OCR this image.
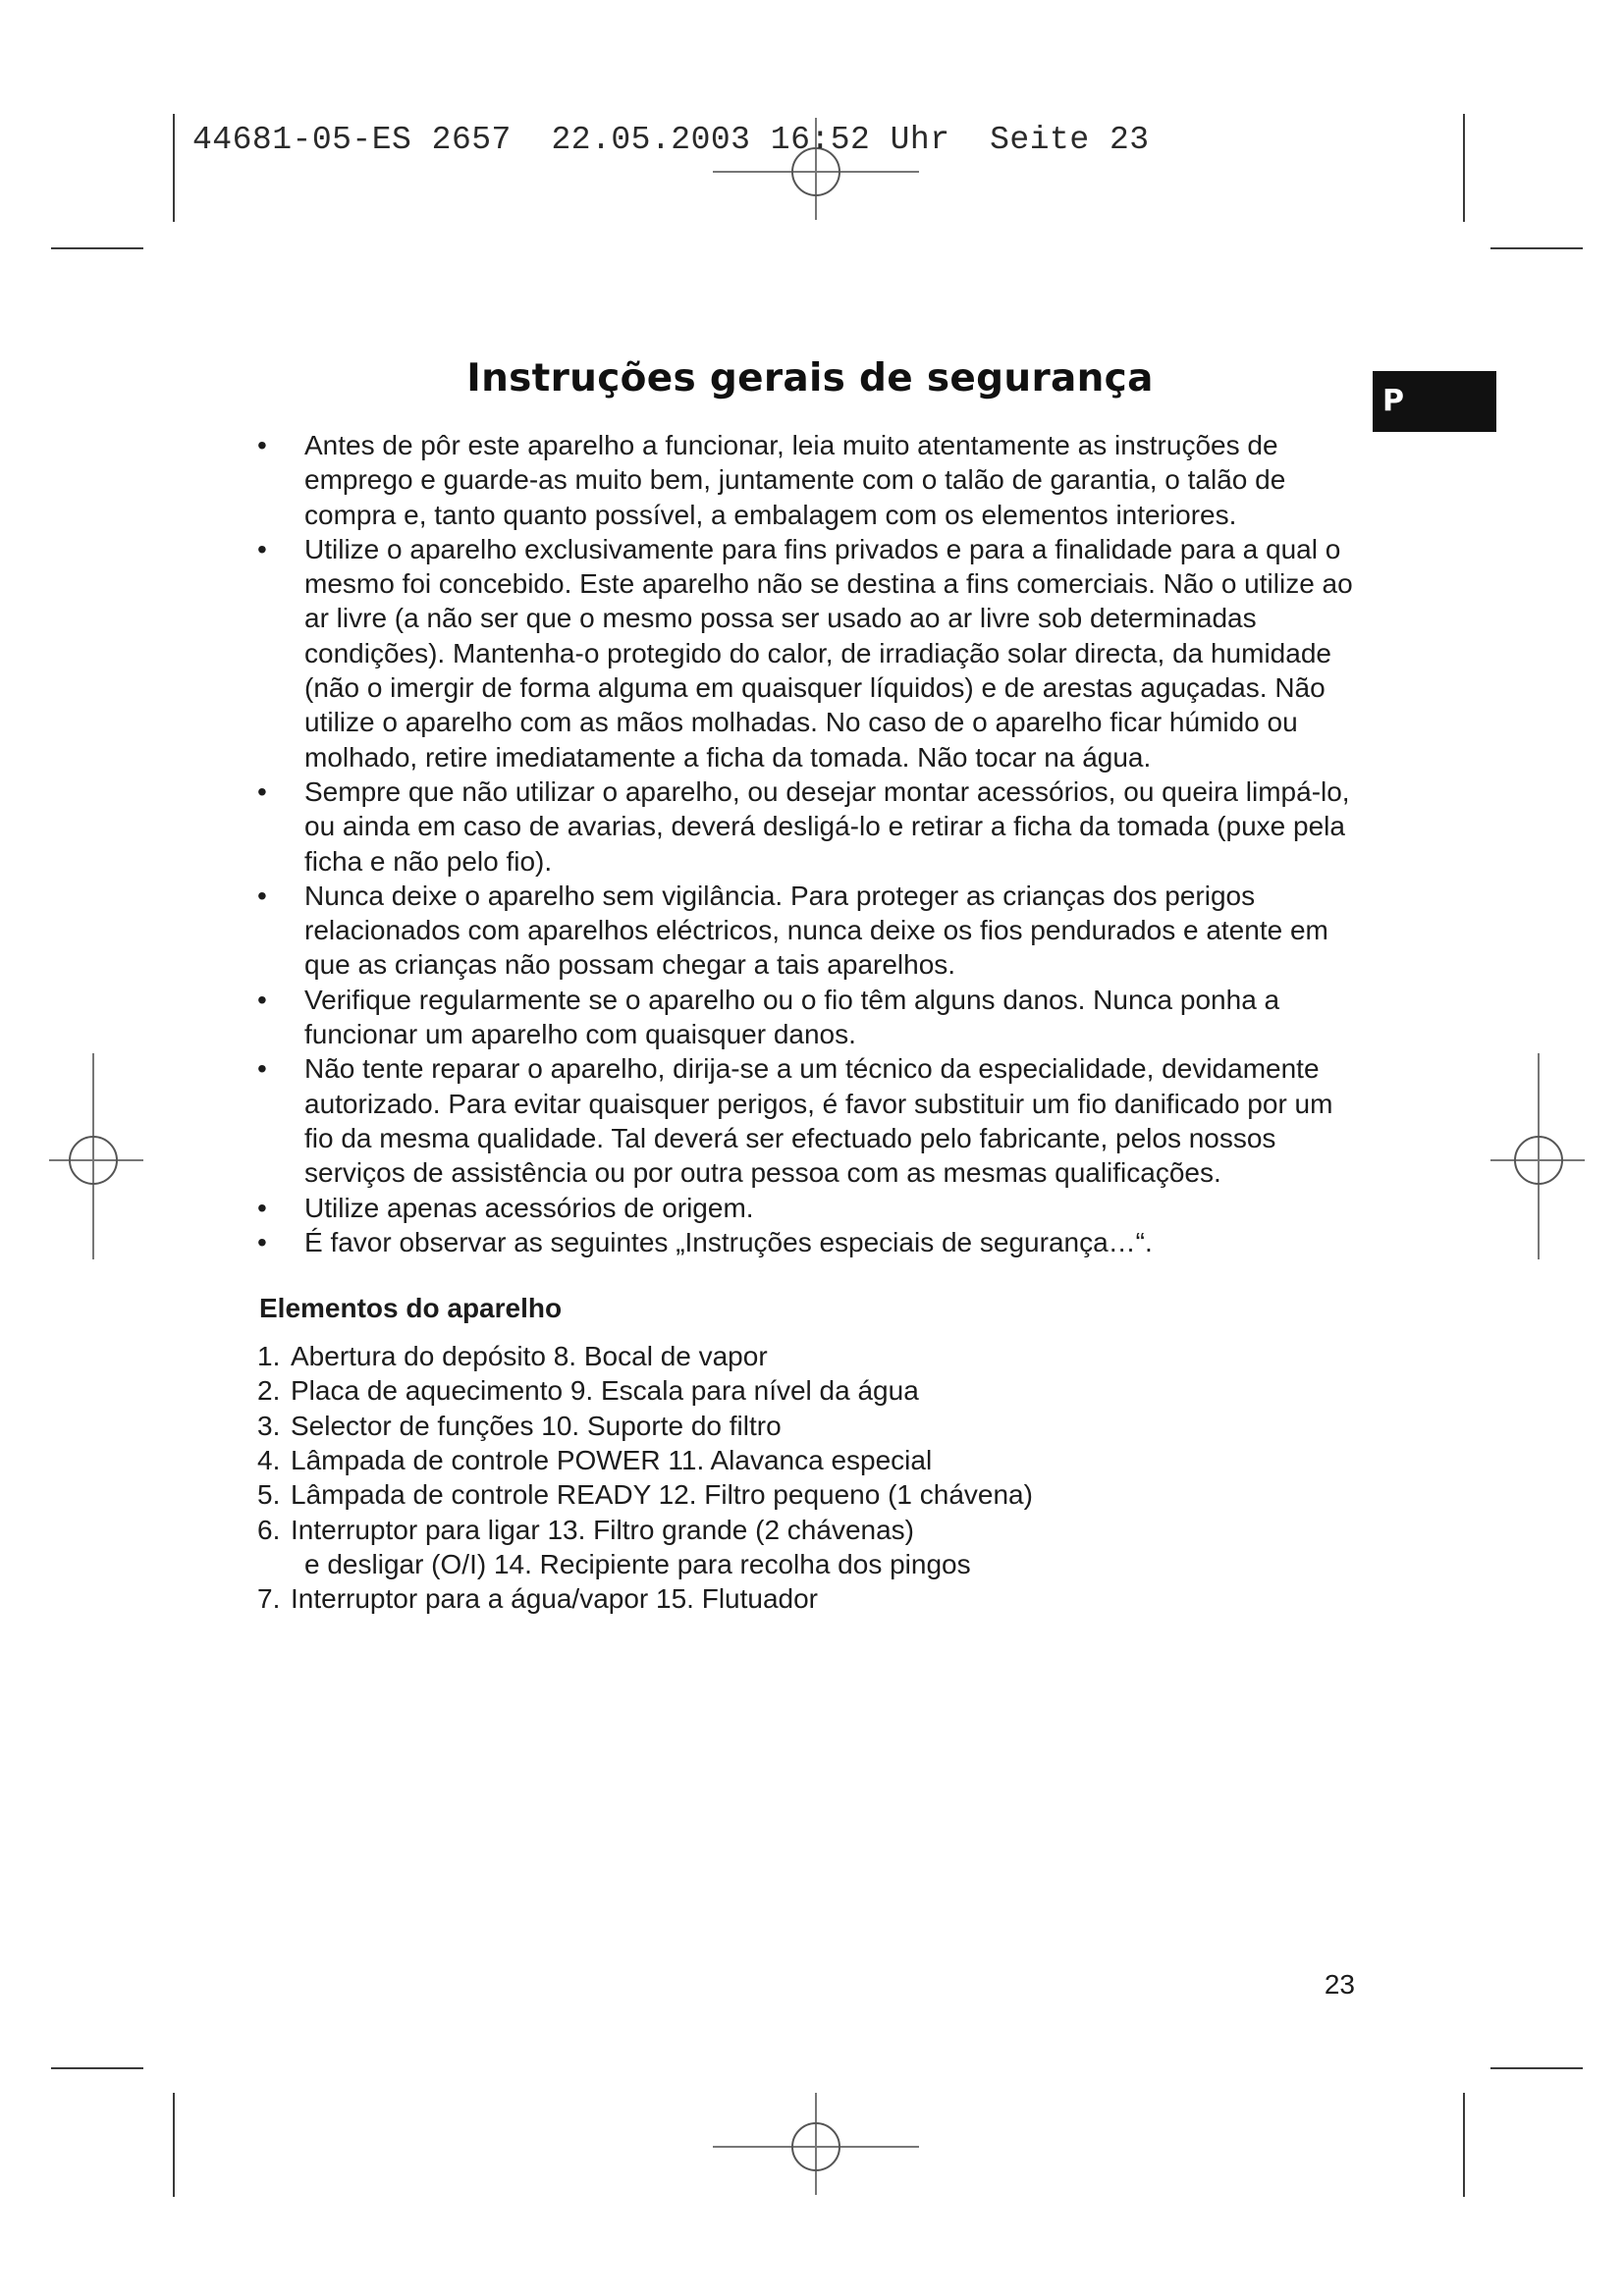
44681-05-ES 2657  22.05.2003 16:52 Uhr  Seite 23
P
Instruções gerais de segurança
• Antes de pôr este aparelho a funcionar, leia muito atentamente as instruções de emprego e guarde-as muito bem, juntamente com o talão de garantia, o talão de compra e, tanto quanto possível, a embalagem com os elementos interiores.
• Utilize o aparelho exclusivamente para fins privados e para a finalidade para a qual o mesmo foi concebido. Este aparelho não se destina a fins comerciais. Não o utilize ao ar livre (a não ser que o mesmo possa ser usado ao ar livre sob determinadas condições). Mantenha-o protegido do calor, de irradiação solar directa, da humidade (não o imergir de forma alguma em quaisquer líquidos) e de arestas aguçadas. Não utilize o aparelho com as mãos molhadas. No caso de o aparelho ficar húmido ou molhado, retire imediatamente a ficha da tomada. Não tocar na água.
• Sempre que não utilizar o aparelho, ou desejar montar acessórios, ou queira limpá-lo, ou ainda em caso de avarias, deverá desligá-lo e retirar a ficha da tomada (puxe pela ficha e não pelo fio).
• Nunca deixe o aparelho sem vigilância. Para proteger as crianças dos perigos relacionados com aparelhos eléctricos, nunca deixe os fios pendurados e atente em que as crianças não possam chegar a tais aparelhos.
• Verifique regularmente se o aparelho ou o fio têm alguns danos. Nunca ponha a funcionar um aparelho com quaisquer danos.
• Não tente reparar o aparelho, dirija-se a um técnico da especialidade, devidamente autorizado. Para evitar quaisquer perigos, é favor substituir um fio danificado por um fio da mesma qualidade. Tal deverá ser efectuado pelo fabricante, pelos nossos serviços de assistência ou por outra pessoa com as mesmas qualificações.
• Utilize apenas acessórios de origem.
• É favor observar as seguintes „Instruções especiais de segurança…“.
Elementos do aparelho
1. Abertura do depósito 8. Bocal de vapor
2. Placa de aquecimento 9. Escala para nível da água
3. Selector de funções 10. Suporte do filtro
4. Lâmpada de controle POWER 11. Alavanca especial
5. Lâmpada de controle READY 12. Filtro pequeno (1 chávena)
6. Interruptor para ligar 13. Filtro grande (2 chávenas)
e desligar (O/I) 14. Recipiente para recolha dos pingos
7. Interruptor para a água/vapor 15. Flutuador
23
